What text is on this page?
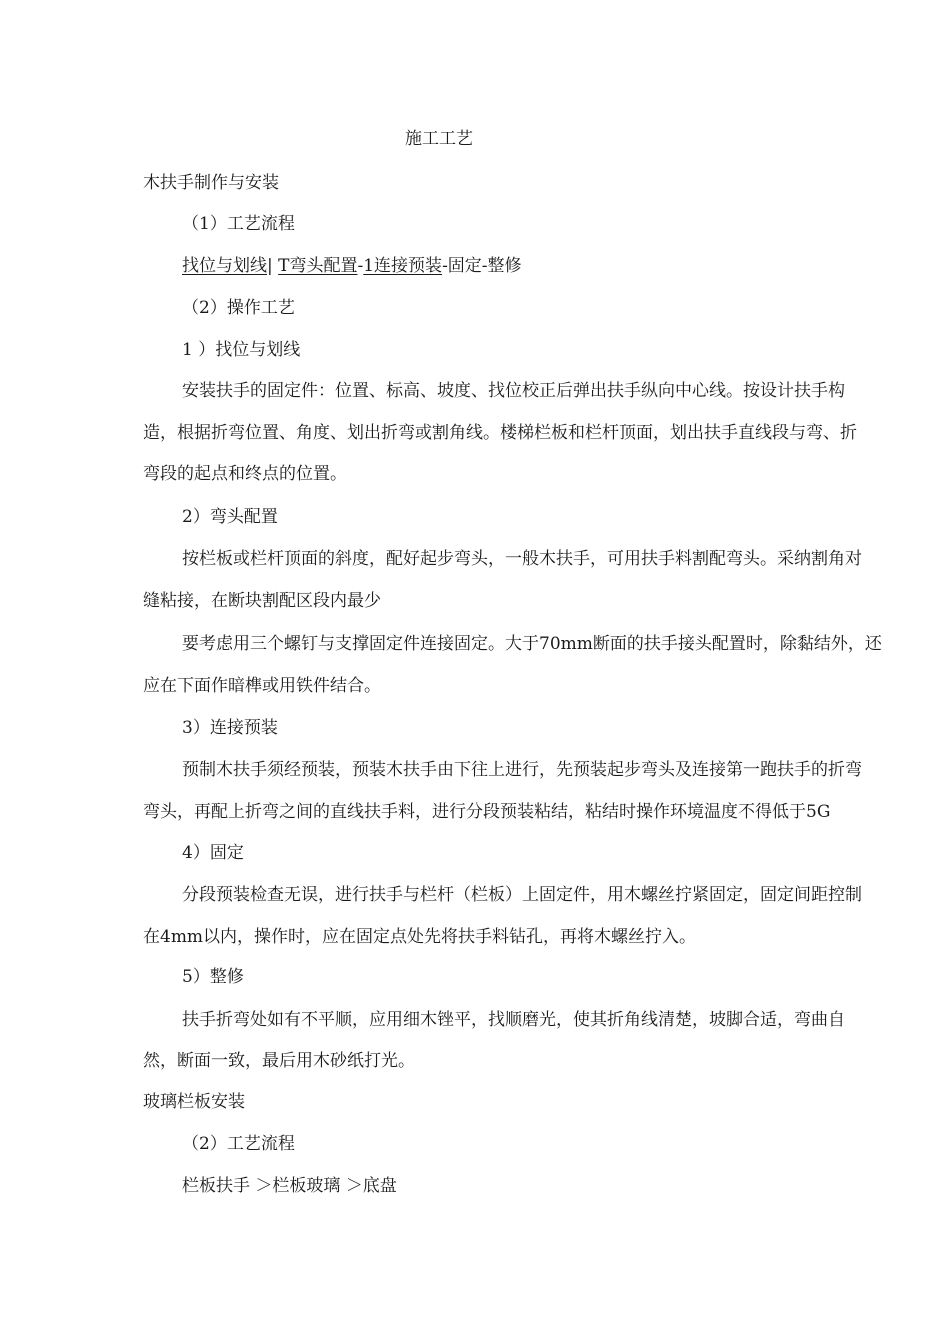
施工工艺
木扶手制作与安装
（1）工艺流程
找位与划线| T弯头配置-1连接预装-固定-整修
（2）操作工艺
1 ）找位与划线
安装扶手的固定件：位置、标高、坡度、找位校正后弹出扶手纵向中心线。按设计扶手构
造，根据折弯位置、角度、划出折弯或割角线。楼梯栏板和栏杆顶面，划出扶手直线段与弯、折
弯段的起点和终点的位置。
2）弯头配置
按栏板或栏杆顶面的斜度，配好起步弯头，一般木扶手，可用扶手料割配弯头。采纳割角对
缝粘接，在断块割配区段内最少
要考虑用三个螺钉与支撑固定件连接固定。大于70mm断面的扶手接头配置时，除黏结外，还
应在下面作暗榫或用铁件结合。
3）连接预装
预制木扶手须经预装，预装木扶手由下往上进行，先预装起步弯头及连接第一跑扶手的折弯
弯头，再配上折弯之间的直线扶手料，进行分段预装粘结，粘结时操作环境温度不得低于5G
4）固定
分段预装检查无误，进行扶手与栏杆（栏板）上固定件，用木螺丝拧紧固定，固定间距控制
在4mm以内，操作时，应在固定点处先将扶手料钻孔，再将木螺丝拧入。
5）整修
扶手折弯处如有不平顺，应用细木锉平，找顺磨光，使其折角线清楚，坡脚合适，弯曲自
然，断面一致，最后用木砂纸打光。
玻璃栏板安装
（2）工艺流程
栏板扶手 ＞栏板玻璃 ＞底盘
